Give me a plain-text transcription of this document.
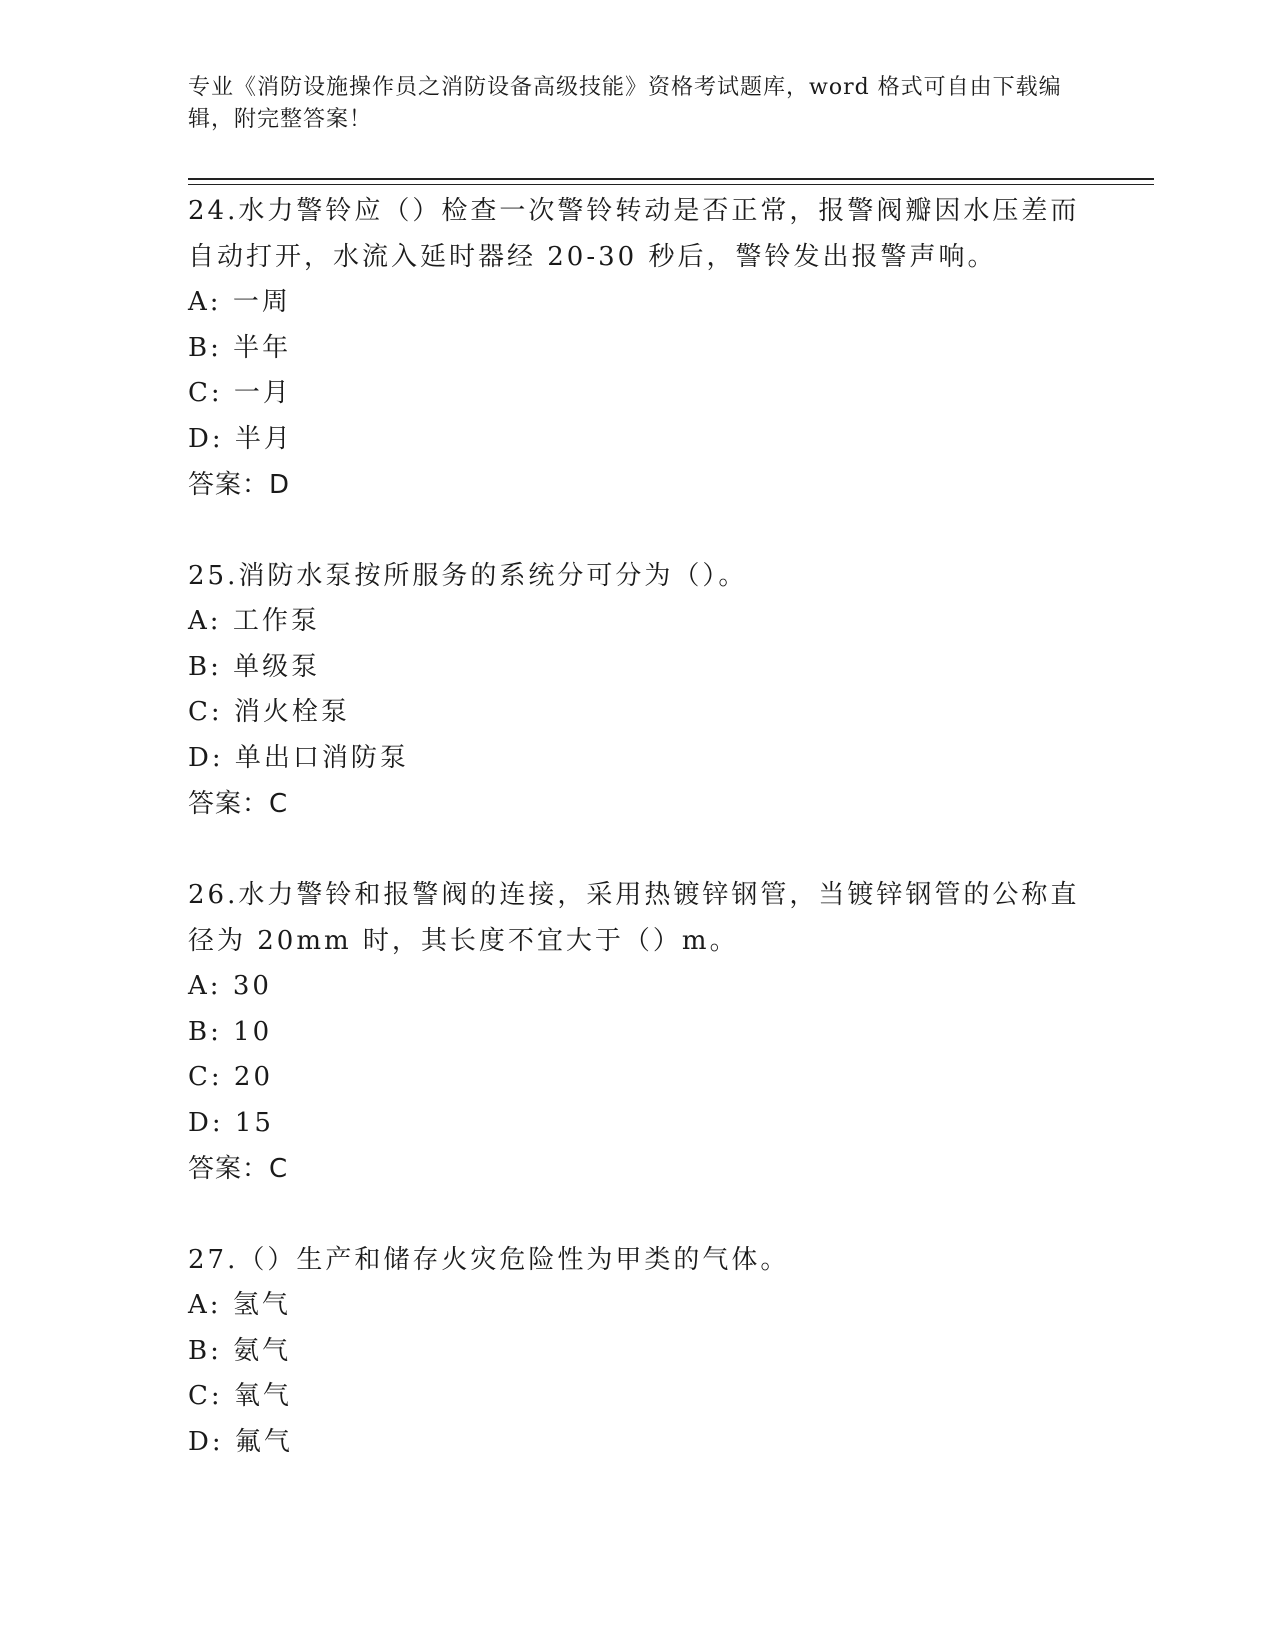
专业《消防设施操作员之消防设备高级技能》资格考试题库，word 格式可自由下载编辑，附完整答案！

24.水力警铃应（）检查一次警铃转动是否正常，报警阀瓣因水压差而自动打开，水流入延时器经 20-30 秒后，警铃发出报警声响。

A: 一周

B: 半年

C: 一月

D: 半月

答案：D

25.消防水泵按所服务的系统分可分为（）。

A: 工作泵

B: 单级泵

C: 消火栓泵

D: 单出口消防泵

答案：C

26.水力警铃和报警阀的连接，采用热镀锌钢管，当镀锌钢管的公称直径为 20mm 时，其长度不宜大于（）m。

A: 30

B: 10

C: 20

D: 15

答案：C

27.（）生产和储存火灾危险性为甲类的气体。

A: 氢气

B: 氨气

C: 氧气

D: 氟气
